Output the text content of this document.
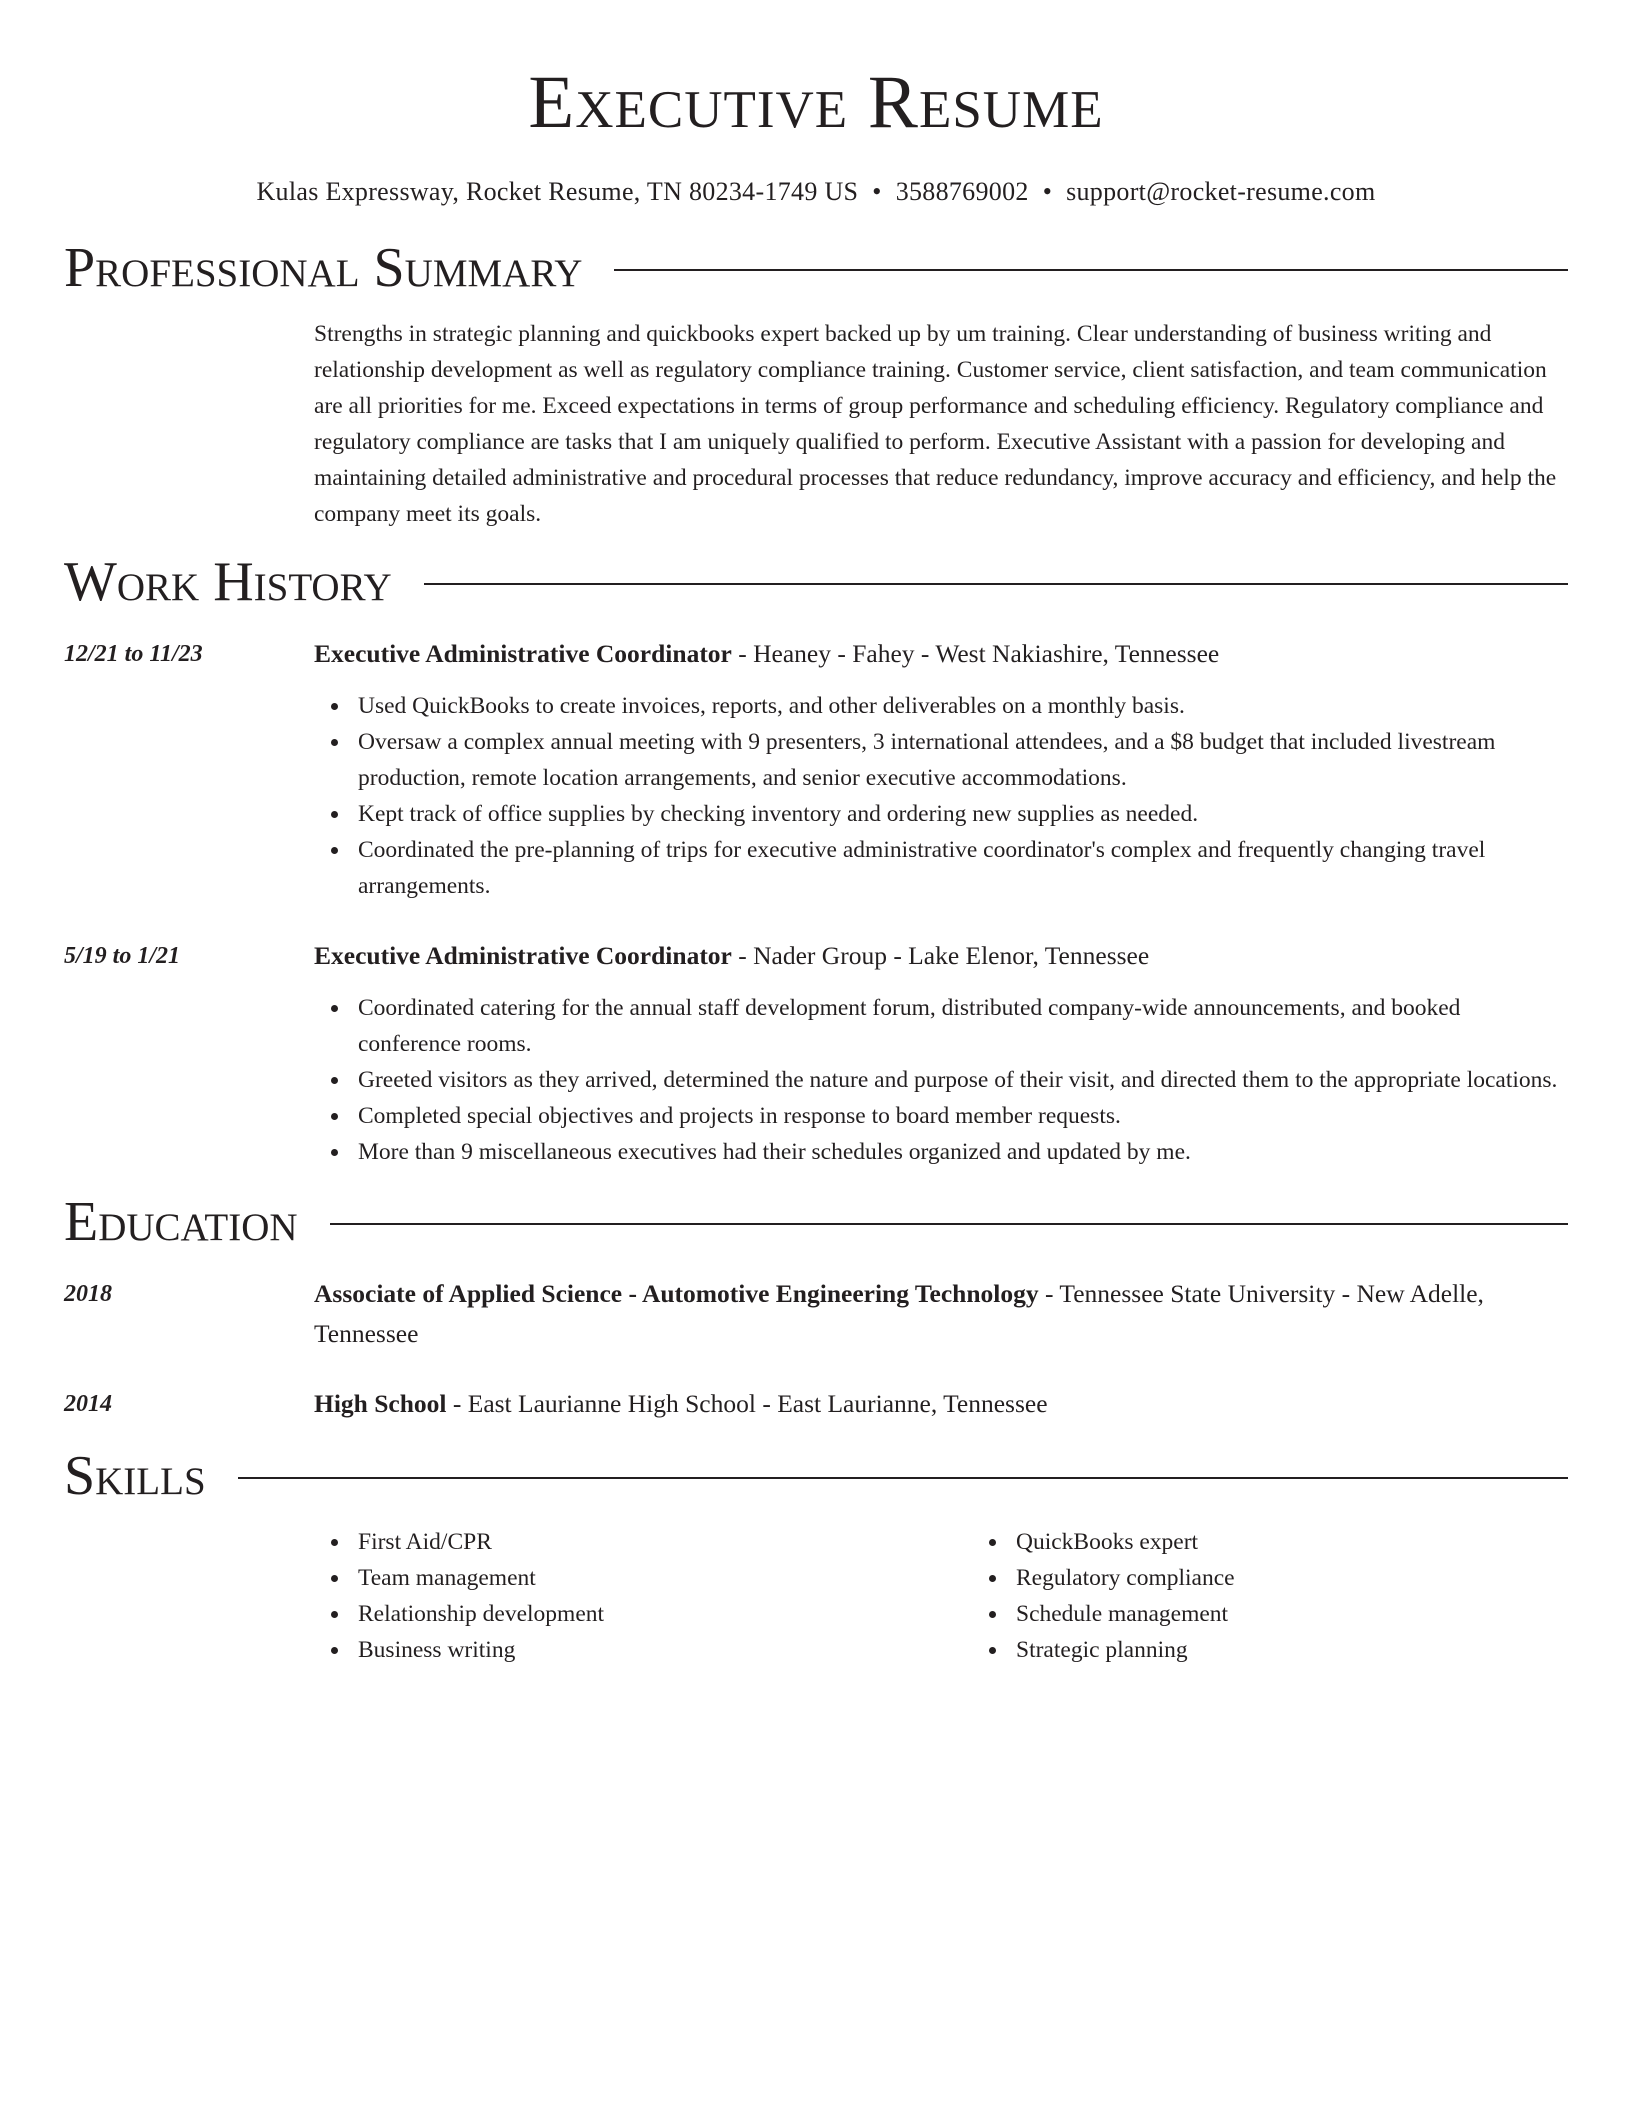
Executive Resume
Kulas Expressway, Rocket Resume, TN 80234-1749 US • 3588769002 • support@rocket-resume.com
Professional Summary

Strengths in strategic planning and quickbooks expert backed up by um training. Clear understanding of business writing and relationship development as well as regulatory compliance training. Customer service, client satisfaction, and team communication are all priorities for me. Exceed expectations in terms of group performance and scheduling efficiency. Regulatory compliance and regulatory compliance are tasks that I am uniquely qualified to perform. Executive Assistant with a passion for developing and maintaining detailed administrative and procedural processes that reduce redundancy, improve accuracy and efficiency, and help the company meet its goals.

Work History
12/21 to 11/23	Executive Administrative Coordinator - Heaney - Fahey - West Nakiashire, Tennessee
Used QuickBooks to create invoices, reports, and other deliverables on a monthly basis.
Oversaw a complex annual meeting with 9 presenters, 3 international attendees, and a $8 budget that included livestream production, remote location arrangements, and senior executive accommodations.
Kept track of office supplies by checking inventory and ordering new supplies as needed.
Coordinated the pre-planning of trips for executive administrative coordinator's complex and frequently changing travel arrangements.
5/19 to 1/21	Executive Administrative Coordinator - Nader Group - Lake Elenor, Tennessee
Coordinated catering for the annual staff development forum, distributed company-wide announcements, and booked conference rooms.
Greeted visitors as they arrived, determined the nature and purpose of their visit, and directed them to the appropriate locations.
Completed special objectives and projects in response to board member requests.
More than 9 miscellaneous executives had their schedules organized and updated by me.
Education
2018	Associate of Applied Science - Automotive Engineering Technology - Tennessee State University - New Adelle, Tennessee
2014	High School - East Laurianne High School - East Laurianne, Tennessee
Skills
First Aid/CPR
Team management
Relationship development
Business writing
QuickBooks expert
Regulatory compliance
Schedule management
Strategic planning
